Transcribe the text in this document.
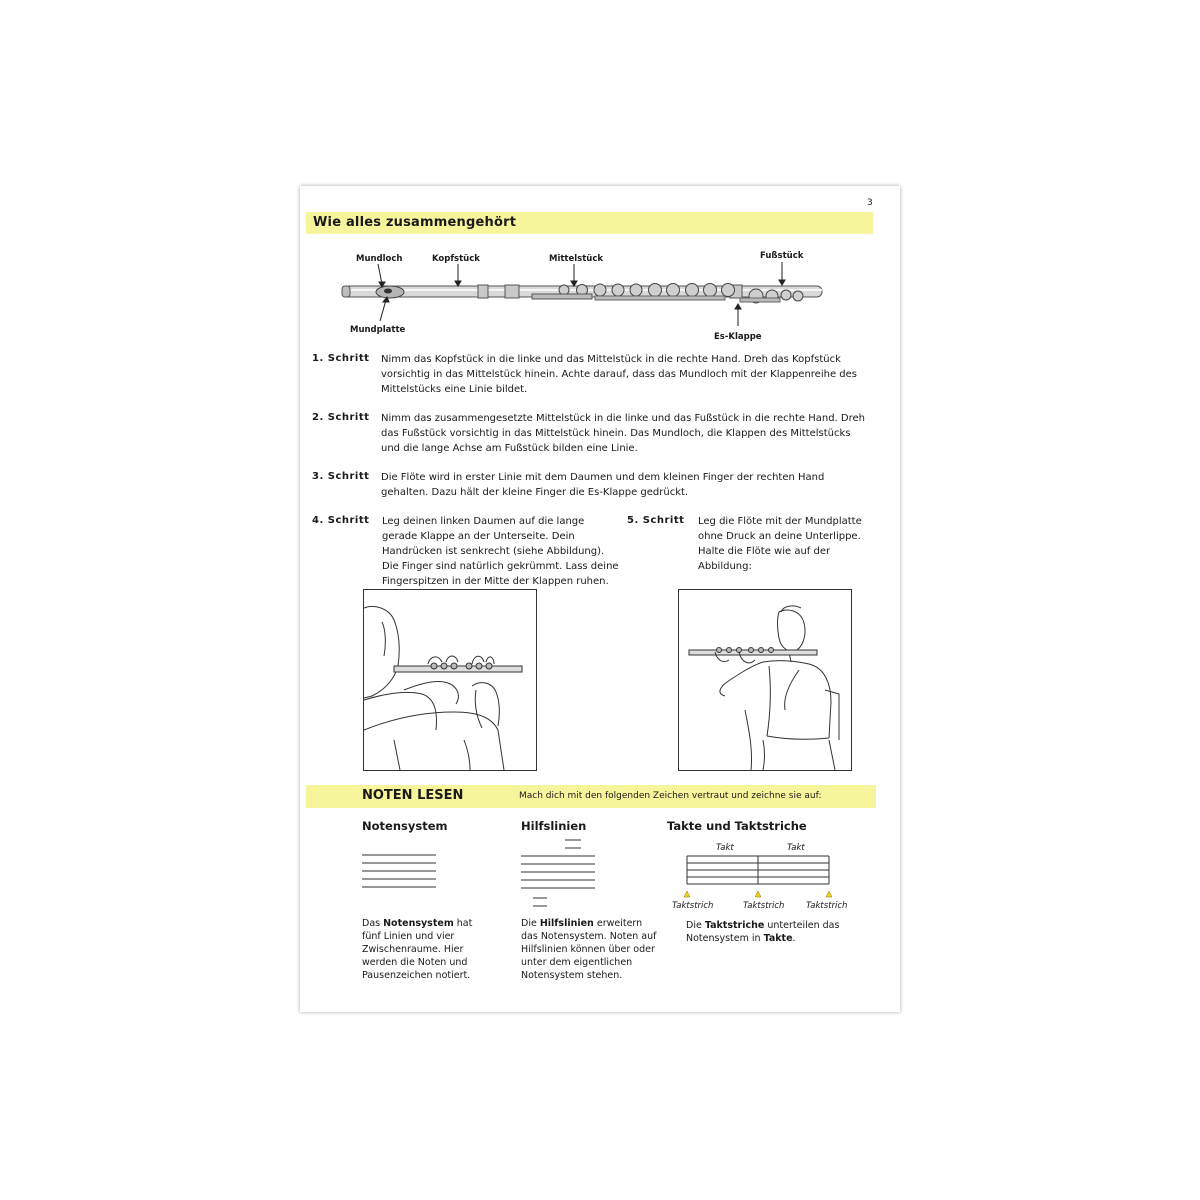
3
Wie alles zusammengehört
Mundloch	Kopfstück	Mittelstück	Fußstück
Mundplatte
Es-Klappe
1. Schritt Nimm das Kopfstück in die linke und das Mittelstück in die rechte Hand. Dreh das Kopfstück vorsichtig in das Mittelstück hinein. Achte darauf, dass das Mundloch mit der Klappenreihe des Mittelstücks eine Linie bildet.
2. Schritt Nimm das zusammengesetzte Mittelstück in die linke und das Fußstück in die rechte Hand. Dreh das Fußstück vorsichtig in das Mittelstück hinein. Das Mundloch, die Klappen des Mittelstücks und die lange Achse am Fußstück bilden eine Linie.
3. Schritt Die Flöte wird in erster Linie mit dem Daumen und dem kleinen Finger der rechten Hand gehalten. Dazu hält der kleine Finger die Es-Klappe gedrückt.
4. Schritt Leg deinen linken Daumen auf die lange gerade Klappe an der Unterseite. Dein Handrücken ist senkrecht (siehe Abbildung). Die Finger sind natürlich gekrümmt. Lass deine Fingerspitzen in der Mitte der Klappen ruhen.
5. Schritt Leg die Flöte mit der Mundplatte ohne Druck an deine Unterlippe. Halte die Flöte wie auf der Abbildung:
NOTEN LESEN	Mach dich mit den folgenden Zeichen vertraut und zeichne sie auf:
Notensystem
Das Notensystem hat fünf Linien und vier Zwischenraume. Hier werden die Noten und Pausenzeichen notiert.
Hilfslinien
Die Hilfslinien erweitern das Notensystem. Noten auf Hilfslinien können über oder unter dem eigentlichen Notensystem stehen.
Takte und Taktstriche
Takt	Takt
Taktstrich	Taktstrich	Taktstrich
Die Taktstriche unterteilen das Notensystem in Takte.
